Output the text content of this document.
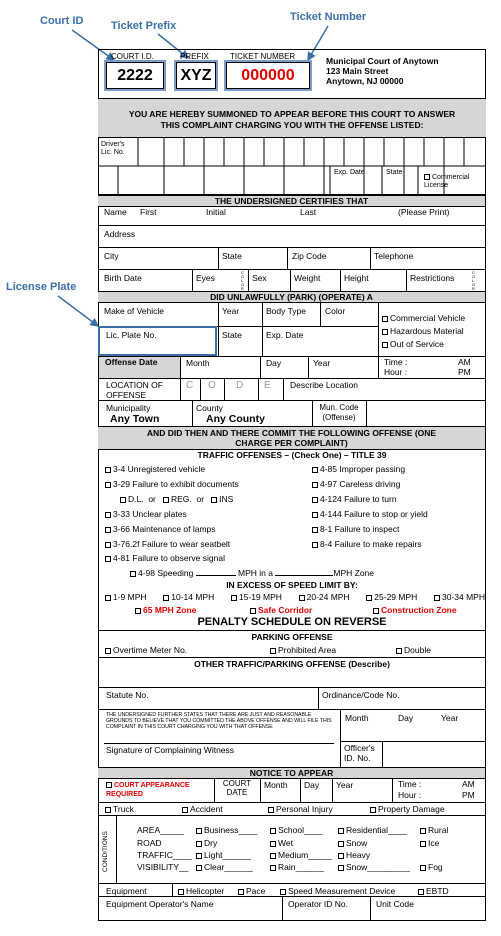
Court ID	Ticket Prefix
Ticket Number
License Plate
COURT I.D.
2222
PREFIX
XYZ
TICKET NUMBER
000000
Municipal Court of Anytown
123 Main Street
Anytown, NJ 00000
YOU ARE HEREBY SUMMONED TO APPEAR BEFORE THIS COURT TO ANSWER THIS COMPLAINT CHARGING YOU WITH THE OFFENSE LISTED:
Driver's Lic. No.
Exp. Date	State
Commercial License
THE UNDERSIGNED CERTIFIES THAT
Name First	Initial	Last	(Please Print)
Address
City	State	Zip Code	Telephone
Birth Date	Eyes
COLOR
Sex	Weight	Height	Restrictions
COLOR
DID UNLAWFULLY (PARK) (OPERATE) A
Make of Vehicle	Year	Body Type Color
Commercial Vehicle
Hazardous Material
Out of Service
Lic. Plate No.	State	Exp. Date
Offense Date	Month	Day	Year	Time :
Hour :
AM
PM
LOCATION OF OFFENSE
C O D E Describe Location
Municipality
Any Town
County
Any County
Mun. Code (Offense)
AND DID THEN AND THERE COMMIT THE FOLLOWING OFFENSE (ONE CHARGE PER COMPLAINT)
TRAFFIC OFFENSES – (Check One) – TITLE 39
3-4 Unregistered vehicle
3-29 Failure to exhibit documents
D.L. or REG. or INS
3-33 Unclear plates
3-66 Maintenance of lamps
3-76.2f Failure to wear seatbelt
4-81 Failure to observe signal
4-85 Improper passing
4-97 Careless driving
4-124 Failure to turn
4-144 Failure to stop or yield
8-1 Failure to inspect
8-4 Failure to make repairs
4-98 Speeding	MPH in a	MPH Zone
IN EXCESS OF SPEED LIMIT BY:
1-9 MPH	10-14 MPH	15-19 MPH	20-24 MPH	25-29 MPH	30-34 MPH
65 MPH Zone	Safe Corridor	Construction Zone
PENALTY SCHEDULE ON REVERSE
PARKING OFFENSE
Overtime Meter No.	Prohibited Area	Double
OTHER TRAFFIC/PARKING OFFENSE (Describe)
Statute No.	Ordinance/Code No.
THE UNDERSIGNED FURTHER STATES THAT THERE ARE JUST AND REASONABLE GROUNDS TO BELIEVE THAT YOU COMMITTED THE ABOVE OFFENSE AND WILL FILE THIS COMPLAINT IN THIS COURT CHARGING YOU WITH THAT OFFENSE
Month	Day	Year
Signature of Complaining Witness	Officer's ID. No.
NOTICE TO APPEAR
COURT APPEARANCE REQUIRED
COURT DATE
Month Day Year	Time :
Hour :
AM
PM
Truck	Accident	Personal Injury	Property Damage
CONDITIONS
AREA_____	Business____	School____	Residential____	Rural
ROAD	Dry	Wet	Snow	Ice
TRAFFIC____	Light______	Medium_____	Heavy
VISIBILITY__	Clear______	Rain______	Snow_________	Fog
Equipment	Helicopter	Pace	Speed Measurement Device	EBTD
Equipment Operator's Name	Operator ID No.	Unit Code
